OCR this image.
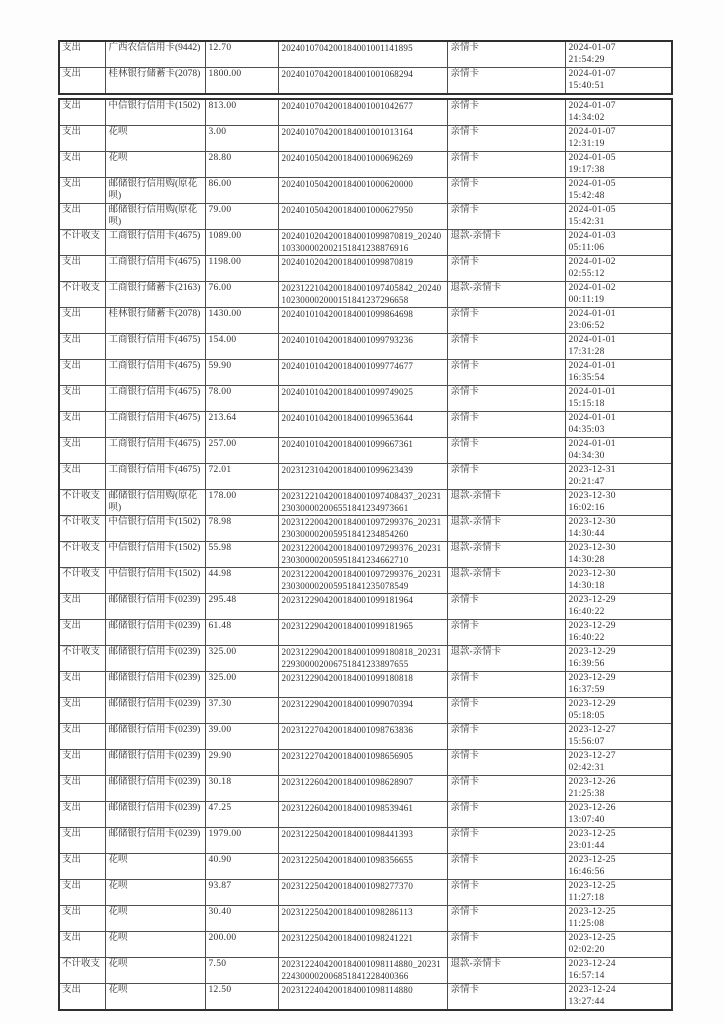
支出	广西农信信用卡(9442)	12.70	2024010704200184001001141895	亲情卡	2024-01-07
21:54:29

支出	桂林银行储蓄卡(2078)	1800.00	2024010704200184001001068294	亲情卡	2024-01-07
15:40:51
支出	中信银行信用卡(1502)	813.00	2024010704200184001001042677	亲情卡	2024-01-07
14:34:02

支出	花呗	3.00	2024010704200184001001013164	亲情卡	2024-01-07
12:31:19

支出	花呗	28.80	2024010504200184001000696269	亲情卡	2024-01-05
19:17:38

支出	邮储银行信用购(原花呗)	86.00	2024010504200184001000620000	亲情卡	2024-01-05
15:42:48

支出	邮储银行信用购(原花呗)	79.00	2024010504200184001000627950	亲情卡	2024-01-05
15:42:31

不计收支	工商银行信用卡(4675)	1089.00	2024010204200184001099870819_20240103300002002151841238876916	退款-亲情卡	2024-01-03
05:11:06

支出	工商银行信用卡(4675)	1198.00	2024010204200184001099870819	亲情卡	2024-01-02
02:55:12

不计收支	工商银行储蓄卡(2163)	76.00	2023122104200184001097405842_20240102300002000151841237296658	退款-亲情卡	2024-01-02
00:11:19

支出	桂林银行储蓄卡(2078)	1430.00	2024010104200184001099864698	亲情卡	2024-01-01
23:06:52

支出	工商银行信用卡(4675)	154.00	2024010104200184001099793236	亲情卡	2024-01-01
17:31:28

支出	工商银行信用卡(4675)	59.90	2024010104200184001099774677	亲情卡	2024-01-01
16:35:54

支出	工商银行信用卡(4675)	78.00	2024010104200184001099749025	亲情卡	2024-01-01
15:15:18

支出	工商银行信用卡(4675)	213.64	2024010104200184001099653644	亲情卡	2024-01-01
04:35:03

支出	工商银行信用卡(4675)	257.00	2024010104200184001099667361	亲情卡	2024-01-01
04:34:30

支出	工商银行信用卡(4675)	72.01	2023123104200184001099623439	亲情卡	2023-12-31
20:21:47

不计收支	邮储银行信用购(原花呗)	178.00	2023122104200184001097408437_20231230300002006551841234973661	退款-亲情卡	2023-12-30
16:02:16

不计收支	中信银行信用卡(1502)	78.98	2023122004200184001097299376_20231230300002005951841234854260	退款-亲情卡	2023-12-30
14:30:44

不计收支	中信银行信用卡(1502)	55.98	2023122004200184001097299376_20231230300002005951841234662710	退款-亲情卡	2023-12-30
14:30:28

不计收支	中信银行信用卡(1502)	44.98	2023122004200184001097299376_20231230300002005951841235078549	退款-亲情卡	2023-12-30
14:30:18

支出	邮储银行信用卡(0239)	295.48	2023122904200184001099181964	亲情卡	2023-12-29
16:40:22

支出	邮储银行信用卡(0239)	61.48	2023122904200184001099181965	亲情卡	2023-12-29
16:40:22

不计收支	邮储银行信用卡(0239)	325.00	2023122904200184001099180818_20231229300002006751841233897655	退款-亲情卡	2023-12-29
16:39:56

支出	邮储银行信用卡(0239)	325.00	2023122904200184001099180818	亲情卡	2023-12-29
16:37:59

支出	邮储银行信用卡(0239)	37.30	2023122904200184001099070394	亲情卡	2023-12-29
05:18:05

支出	邮储银行信用卡(0239)	39.00	2023122704200184001098763836	亲情卡	2023-12-27
15:56:07

支出	邮储银行信用卡(0239)	29.90	2023122704200184001098656905	亲情卡	2023-12-27
02:42:31

支出	邮储银行信用卡(0239)	30.18	2023122604200184001098628907	亲情卡	2023-12-26
21:25:38

支出	邮储银行信用卡(0239)	47.25	2023122604200184001098539461	亲情卡	2023-12-26
13:07:40

支出	邮储银行信用卡(0239)	1979.00	2023122504200184001098441393	亲情卡	2023-12-25
23:01:44

支出	花呗	40.90	2023122504200184001098356655	亲情卡	2023-12-25
16:46:56

支出	花呗	93.87	2023122504200184001098277370	亲情卡	2023-12-25
11:27:18

支出	花呗	30.40	2023122504200184001098286113	亲情卡	2023-12-25
11:25:08

支出	花呗	200.00	2023122504200184001098241221	亲情卡	2023-12-25
02:02:20

不计收支	花呗	7.50	2023122404200184001098114880_20231224300002006851841228400366	退款-亲情卡	2023-12-24
16:57:14

支出	花呗	12.50	2023122404200184001098114880	亲情卡	2023-12-24
13:27:44
